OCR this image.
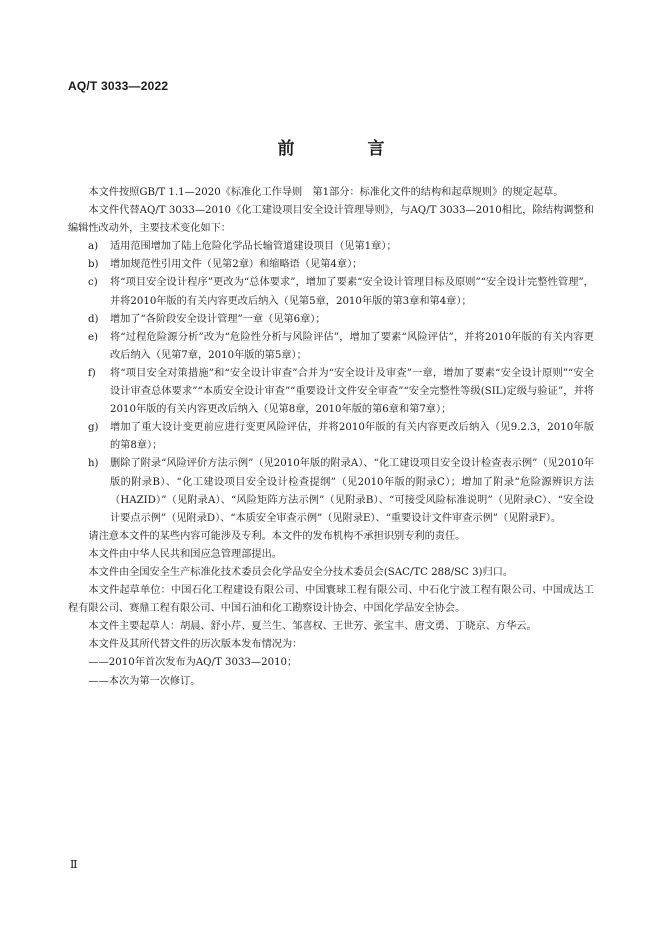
AQ/T 3033—2022
前　言

本文件按照GB/T 1.1—2020《标准化工作导则　第1部分：标准化文件的结构和起草规则》的规定起草。

本文件代替AQ/T 3033—2010《化工建设项目安全设计管理导则》，与AQ/T 3033—2010相比，除结构调整和编辑性改动外，主要技术变化如下：

a) 适用范围增加了陆上危险化学品长输管道建设项目（见第1章）；
b) 增加规范性引用文件（见第2章）和缩略语（见第4章）；
c) 将“项目安全设计程序”更改为“总体要求”，增加了要素“安全设计管理目标及原则”“安全设计完整性管理”，并将2010年版的有关内容更改后纳入（见第5章，2010年版的第3章和第4章）；
d) 增加了“各阶段安全设计管理”一章（见第6章）；
e) 将“过程危险源分析”改为“危险性分析与风险评估”，增加了要素“风险评估”，并将2010年版的有关内容更改后纳入（见第7章，2010年版的第5章）；
f) 将“项目安全对策措施”和“安全设计审查”合并为“安全设计及审查”一章，增加了要素“安全设计原则”“安全设计审查总体要求”“本质安全设计审查”“重要设计文件安全审查”“安全完整性等级(SIL)定级与验证”，并将2010年版的有关内容更改后纳入（见第8章，2010年版的第6章和第7章）；
g) 增加了重大设计变更前应进行变更风险评估，并将2010年版的有关内容更改后纳入（见9.2.3，2010年版的第8章）；
h) 删除了附录“风险评价方法示例”（见2010年版的附录A）、“化工建设项目安全设计检查表示例”（见2010年版的附录B）、“化工建设项目安全设计检查提纲”（见2010年版的附录C）；增加了附录“危险源辨识方法（HAZID）”（见附录A）、“风险矩阵方法示例”（见附录B）、“可接受风险标准说明”（见附录C）、“安全设计要点示例”（见附录D）、“本质安全审查示例”（见附录E）、“重要设计文件审查示例”（见附录F）。

请注意本文件的某些内容可能涉及专利。本文件的发布机构不承担识别专利的责任。

本文件由中华人民共和国应急管理部提出。

本文件由全国安全生产标准化技术委员会化学品安全分技术委员会(SAC/TC 288/SC 3)归口。

本文件起草单位：中国石化工程建设有限公司、中国寰球工程有限公司、中石化宁波工程有限公司、中国成达工程有限公司、赛鼎工程有限公司、中国石油和化工勘察设计协会、中国化学品安全协会。

本文件主要起草人：胡晨、舒小芹、夏兰生、邹喜权、王世芳、张宝丰、唐文勇、丁晓京、方华云。

本文件及其所代替文件的历次版本发布情况为：

——2010年首次发布为AQ/T 3033—2010；

——本次为第一次修订。

Ⅱ
